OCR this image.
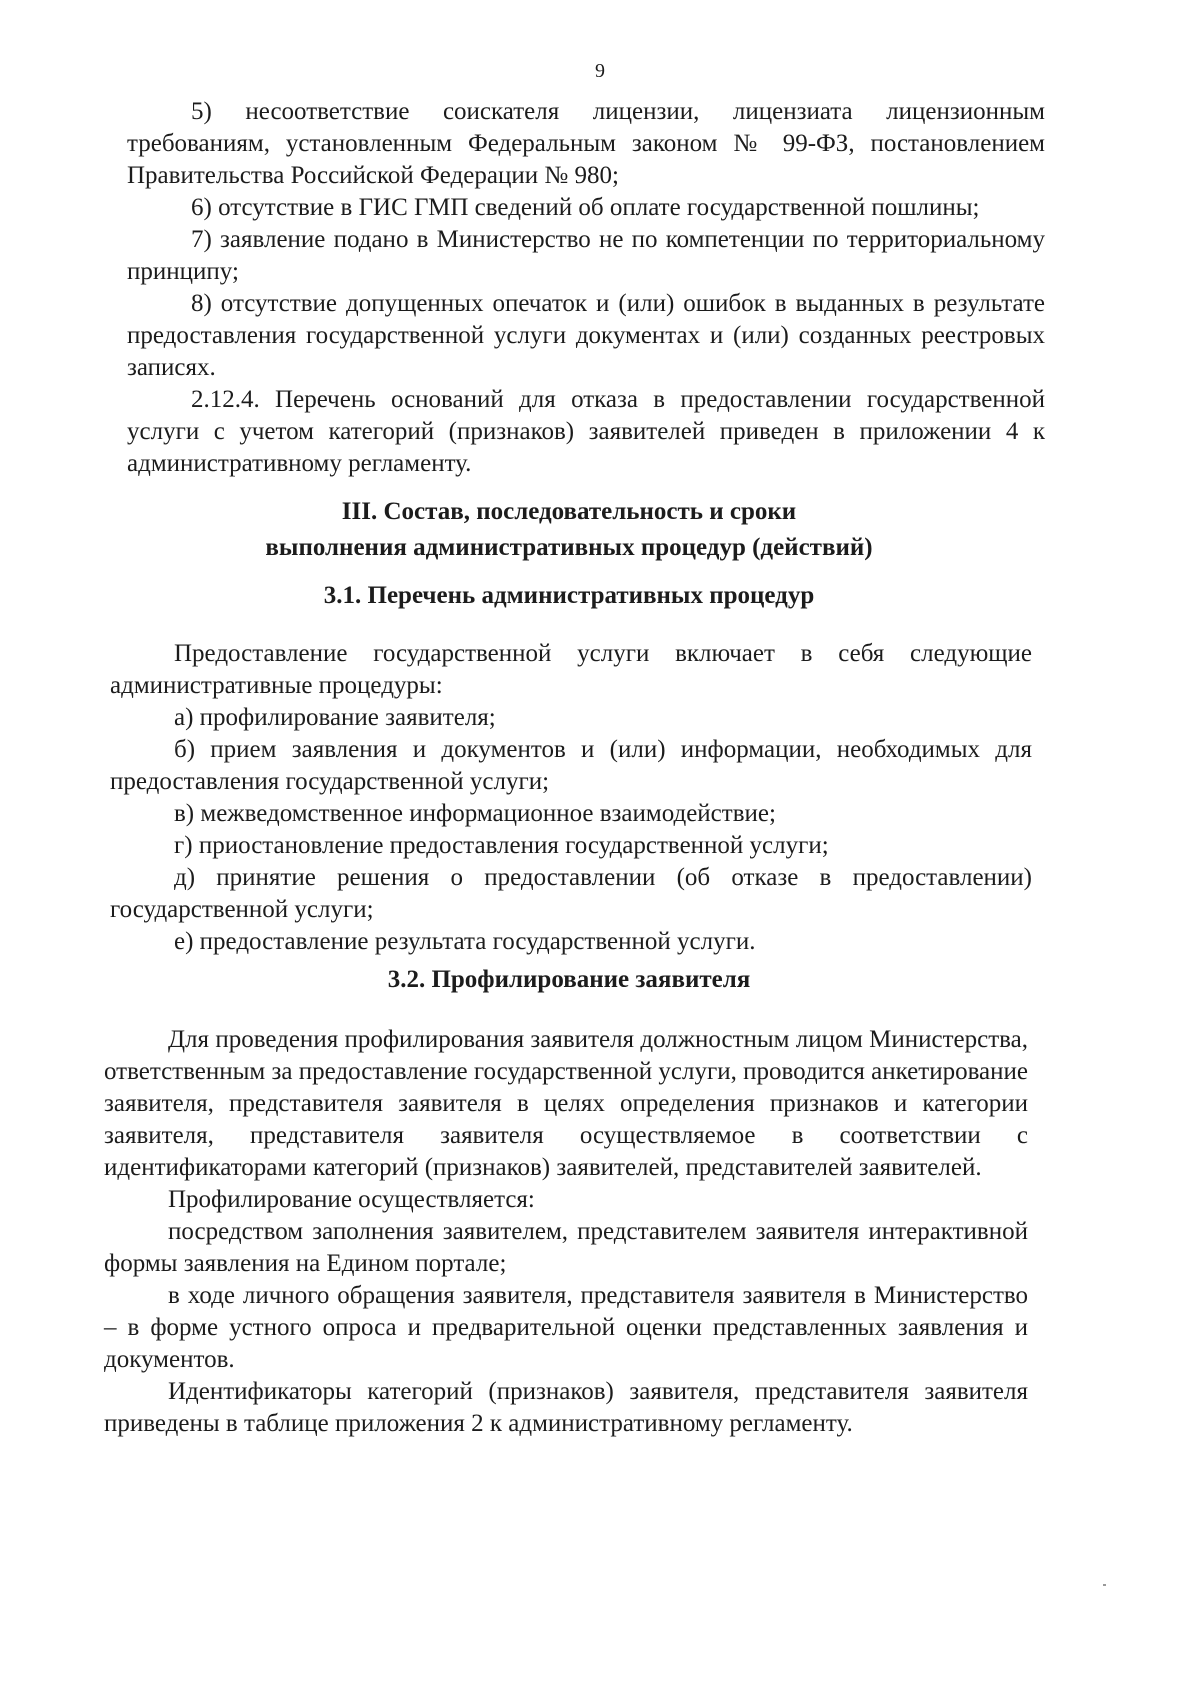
9

5) несоответствие соискателя лицензии, лицензиата лицензионным требованиям, установленным Федеральным законом № 99-ФЗ, постановлением Правительства Российской Федерации № 980;

6) отсутствие в ГИС ГМП сведений об оплате государственной пошлины;

7) заявление подано в Министерство не по компетенции по территориальному принципу;

8) отсутствие допущенных опечаток и (или) ошибок в выданных в результате предоставления государственной услуги документах и (или) созданных реестровых записях.

2.12.4. Перечень оснований для отказа в предоставлении государственной услуги с учетом категорий (признаков) заявителей приведен в приложении 4 к административному регламенту.

III. Состав, последовательность и сроки
выполнения административных процедур (действий)
3.1. Перечень административных процедур

Предоставление государственной услуги включает в себя следующие административные процедуры:

а) профилирование заявителя;

б) прием заявления и документов и (или) информации, необходимых для предоставления государственной услуги;

в) межведомственное информационное взаимодействие;

г) приостановление предоставления государственной услуги;

д) принятие решения о предоставлении (об отказе в предоставлении) государственной услуги;

е) предоставление результата государственной услуги.

3.2. Профилирование заявителя

Для проведения профилирования заявителя должностным лицом Министерства, ответственным за предоставление государственной услуги, проводится анкетирование заявителя, представителя заявителя в целях определения признаков и категории заявителя, представителя заявителя осуществляемое в соответствии с идентификаторами категорий (признаков) заявителей, представителей заявителей.

Профилирование осуществляется:

посредством заполнения заявителем, представителем заявителя интерактивной формы заявления на Едином портале;

в ходе личного обращения заявителя, представителя заявителя в Министерство – в форме устного опроса и предварительной оценки представленных заявления и документов.

Идентификаторы категорий (признаков) заявителя, представителя заявителя приведены в таблице приложения 2 к административному регламенту.
